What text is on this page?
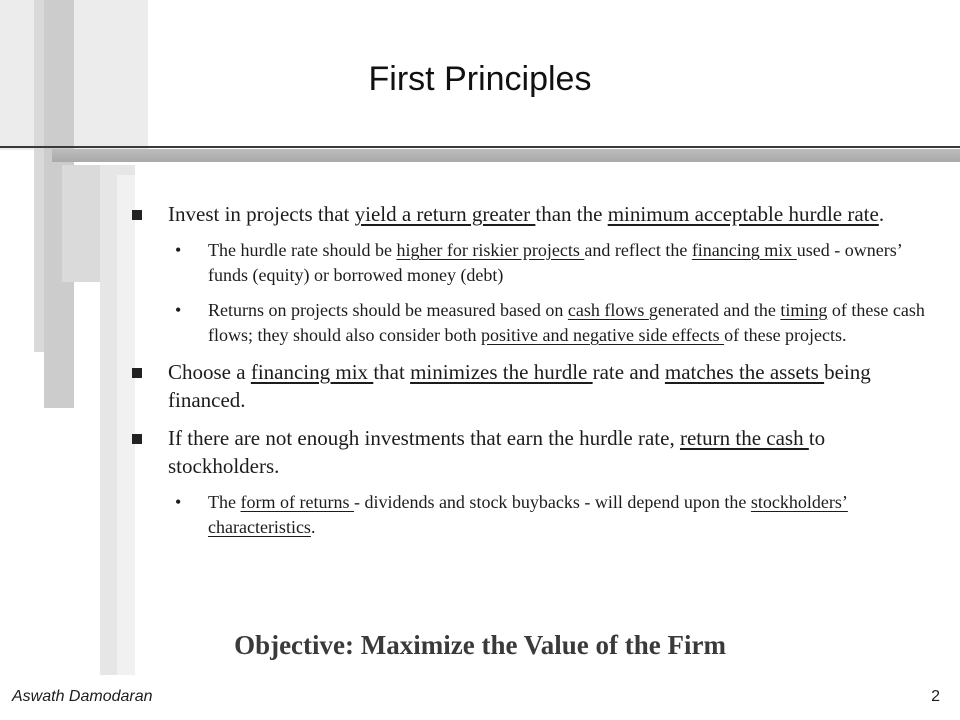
First Principles
Invest in projects that yield a return greater than the minimum acceptable hurdle rate.
• The hurdle rate should be higher for riskier projects and reflect the financing mix used - owners’ funds (equity) or borrowed money (debt)
• Returns on projects should be measured based on cash flows generated and the timing of these cash flows; they should also consider both positive and negative side effects of these projects.
Choose a financing mix that minimizes the hurdle rate and matches the assets being financed.
If there are not enough investments that earn the hurdle rate, return the cash to stockholders.
• The form of returns - dividends and stock buybacks - will depend upon the stockholders’ characteristics.
Objective: Maximize the Value of the Firm
Aswath Damodaran	2
